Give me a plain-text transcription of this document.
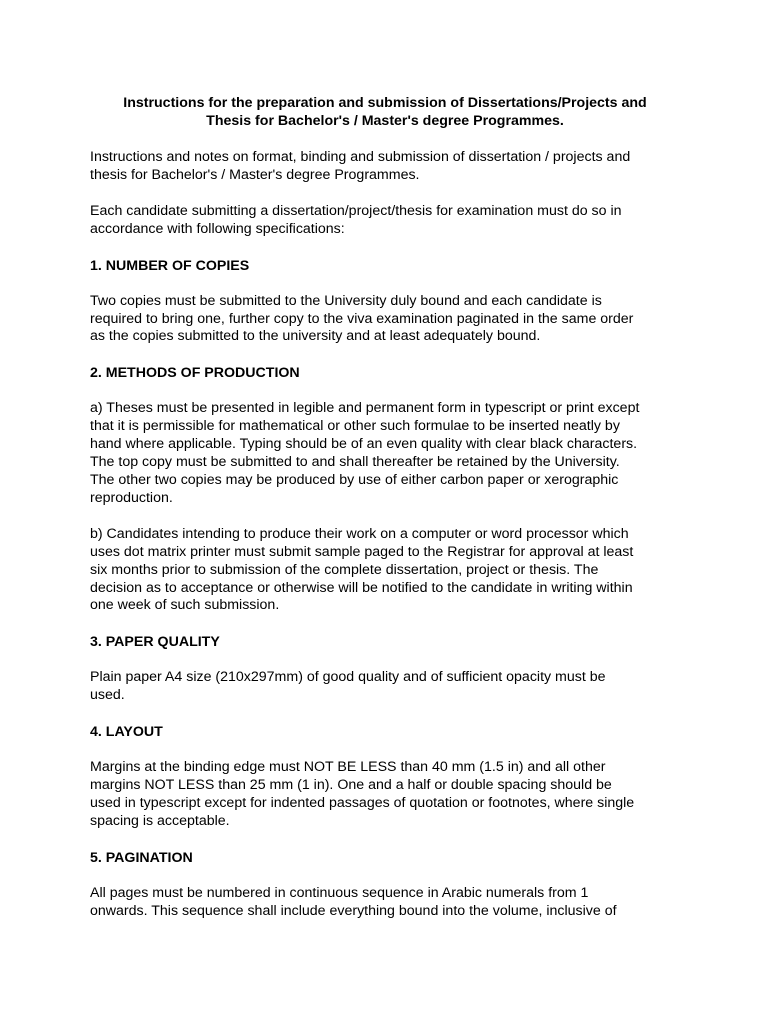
Instructions for the preparation and submission of Dissertations/Projects and
Thesis for Bachelor's / Master's degree Programmes.
Instructions and notes on format, binding and submission of dissertation / projects and
thesis for Bachelor's / Master's degree Programmes.
Each candidate submitting a dissertation/project/thesis for examination must do so in
accordance with following specifications:
1. NUMBER OF COPIES
Two copies must be submitted to the University duly bound and each candidate is
required to bring one, further copy to the viva examination paginated in the same order
as the copies submitted to the university and at least adequately bound.
2. METHODS OF PRODUCTION
a) Theses must be presented in legible and permanent form in typescript or print except
that it is permissible for mathematical or other such formulae to be inserted neatly by
hand where applicable. Typing should be of an even quality with clear black characters.
The top copy must be submitted to and shall thereafter be retained by the University.
The other two copies may be produced by use of either carbon paper or xerographic
reproduction.
b) Candidates intending to produce their work on a computer or word processor which
uses dot matrix printer must submit sample paged to the Registrar for approval at least
six months prior to submission of the complete dissertation, project or thesis. The
decision as to acceptance or otherwise will be notified to the candidate in writing within
one week of such submission.
3. PAPER QUALITY
Plain paper A4 size (210x297mm) of good quality and of sufficient opacity must be
used.
4. LAYOUT
Margins at the binding edge must NOT BE LESS than 40 mm (1.5 in) and all other
margins NOT LESS than 25 mm (1 in). One and a half or double spacing should be
used in typescript except for indented passages of quotation or footnotes, where single
spacing is acceptable.
5. PAGINATION
All pages must be numbered in continuous sequence in Arabic numerals from 1
onwards. This sequence shall include everything bound into the volume, inclusive of
